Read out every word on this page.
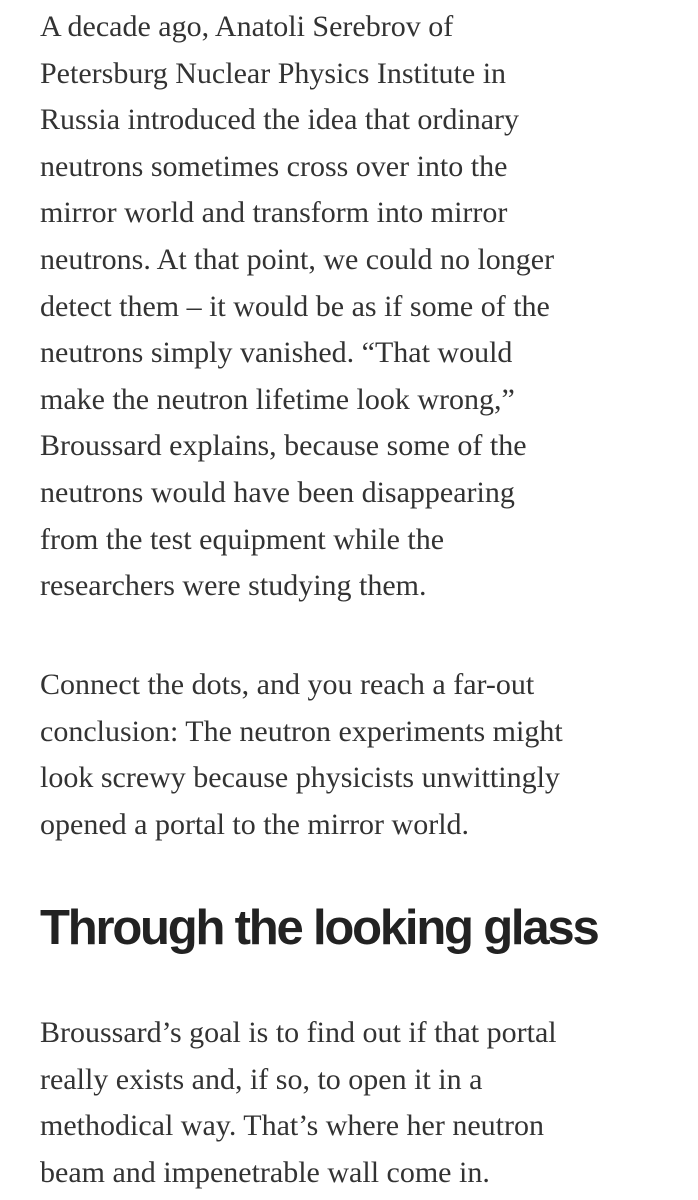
A decade ago, Anatoli Serebrov of
Petersburg Nuclear Physics Institute in
Russia introduced the idea that ordinary
neutrons sometimes cross over into the
mirror world and transform into mirror
neutrons. At that point, we could no longer
detect them – it would be as if some of the
neutrons simply vanished. “That would
make the neutron lifetime look wrong,”
Broussard explains, because some of the
neutrons would have been disappearing
from the test equipment while the
researchers were studying them.

Connect the dots, and you reach a far-out
conclusion: The neutron experiments might
look screwy because physicists unwittingly
opened a portal to the mirror world.

Through the looking glass

Broussard’s goal is to find out if that portal
really exists and, if so, to open it in a
methodical way. That’s where her neutron
beam and impenetrable wall come in.
